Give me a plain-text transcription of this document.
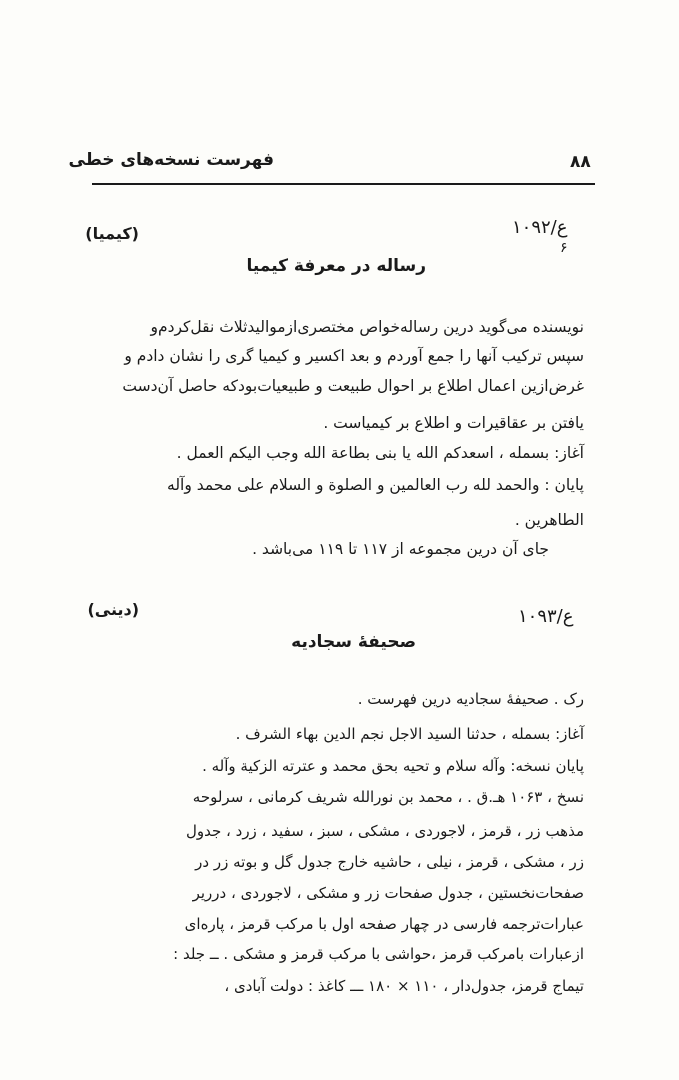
۸۸
فهرست نسخه‌های خطی
۱۰۹۲/ع
۶
(کیمیا)
رساله در معرفة کیمیا
نویسنده می‌گوید درین رساله‌خواص مختصری‌ازمواليدثلاث نقل‌کردم‌و
سپس ترکیب آنها را جمع آوردم و بعد اکسیر و کیمیا گری را نشان دادم و
غرض‌ازین اعمال اطلاع بر احوال طبیعت و طبیعیات‌بودکه حاصل آن‌دست
یافتن بر عقاقیرات و اطلاع بر کیمیاست .
آغاز: بسمله ، اسعدکم الله یا بنی بطاعة الله وجب الیکم العمل .
پایان : والحمد لله رب العالمین و الصلوة و السلام علی محمد وآله
الطاهرین .
جای آن درین مجموعه از ۱۱۷ تا ۱۱۹ می‌باشد .
۱۰۹۳/ع
(دینی)
صحیفهٔ سجادیه
رک . صحیفهٔ سجادیه درین فهرست .
آغاز: بسمله ، حدثنا السید الاجل نجم الدین بهاء الشرف .
پایان نسخه: وآله سلام و تحیه بحق محمد و عترته الزکیة وآله .
نسخ ، ۱۰۶۳ هـ.ق . ، محمد بن نورالله شریف کرمانی ، سرلوحه
مذهب زر ، قرمز ، لاجوردی ، مشکی ، سبز ، سفید ، زرد ، جدول
زر ، مشکی ، قرمز ، نیلی ، حاشیه خارج جدول گل و بوته زر در
صفحات‌نخستین ، جدول صفحات زر و مشکی ، لاجوردی ، دررير
عبارات‌ترجمه فارسی در چهار صفحه اول با مرکب قرمز ، پاره‌ای
ازعبارات بامرکب قرمز ،حواشی با مرکب قرمز و مشکی . ــ جلد :
تیماج قرمز، جدول‌دار ، ۱۱۰ × ۱۸۰ ـــ کاغذ : دولت آبادی ،
